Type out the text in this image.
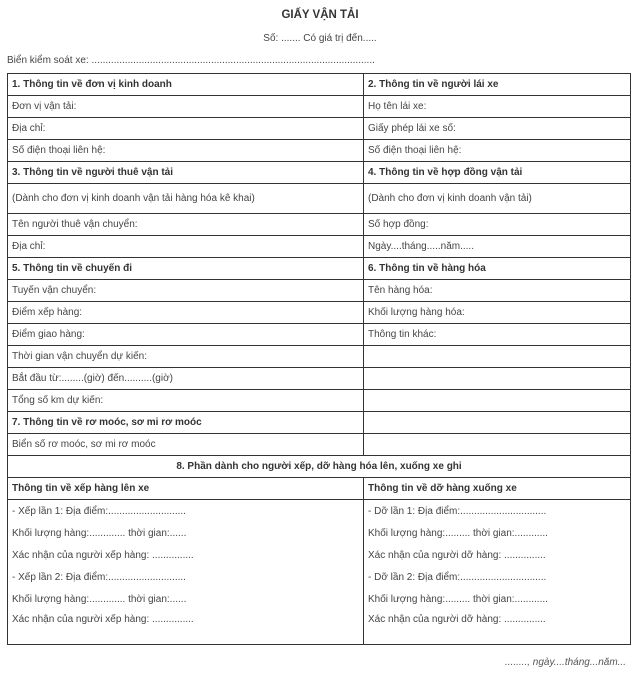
GIẤY VẬN TẢI
Số: ....... Có giá trị đến.....
Biển kiểm soát xe: ......................................................................................................
1. Thông tin về đơn vị kinh doanh	2. Thông tin về người lái xe
Đơn vị vận tải:	Họ tên lái xe:
Địa chỉ:	Giấy phép lái xe số:
Số điện thoại liên hệ:	Số điện thoại liên hệ:
3. Thông tin về người thuê vận tải	4. Thông tin về hợp đồng vận tải
(Dành cho đơn vị kinh doanh vận tải hàng hóa kê khai)	(Dành cho đơn vị kinh doanh vận tải)
Tên người thuê vận chuyển:	Số hợp đồng:
Địa chỉ:	Ngày....tháng.....năm.....
5. Thông tin về chuyến đi	6. Thông tin về hàng hóa
Tuyến vận chuyển:	Tên hàng hóa:
Điểm xếp hàng:	Khối lượng hàng hóa:
Điểm giao hàng:	Thông tin khác:
Thời gian vận chuyển dự kiến:	
Bắt đầu từ:........(giờ) đến..........(giờ)	
Tổng số km dự kiến:	
7. Thông tin về rơ moóc, sơ mi rơ moóc	
Biển số rơ moóc, sơ mi rơ moóc	
8. Phần dành cho người xếp, dỡ hàng hóa lên, xuống xe ghi	
Thông tin về xếp hàng lên xe	Thông tin về dỡ hàng xuống xe
- Xếp lần 1: Địa điểm:............................	- Dỡ lần 1: Địa điểm:...............................
Khối lượng hàng:............. thời gian:......	Khối lượng hàng:......... thời gian:............
Xác nhận của người xếp hàng: ...............	Xác nhận của người dỡ hàng: ...............
- Xếp lần 2: Địa điểm:............................	- Dỡ lần 2: Địa điểm:...............................
Khối lượng hàng:............. thời gian:......	Khối lượng hàng:......... thời gian:............
Xác nhận của người xếp hàng: ...............	Xác nhận của người dỡ hàng: ...............
........, ngày....tháng...năm...
